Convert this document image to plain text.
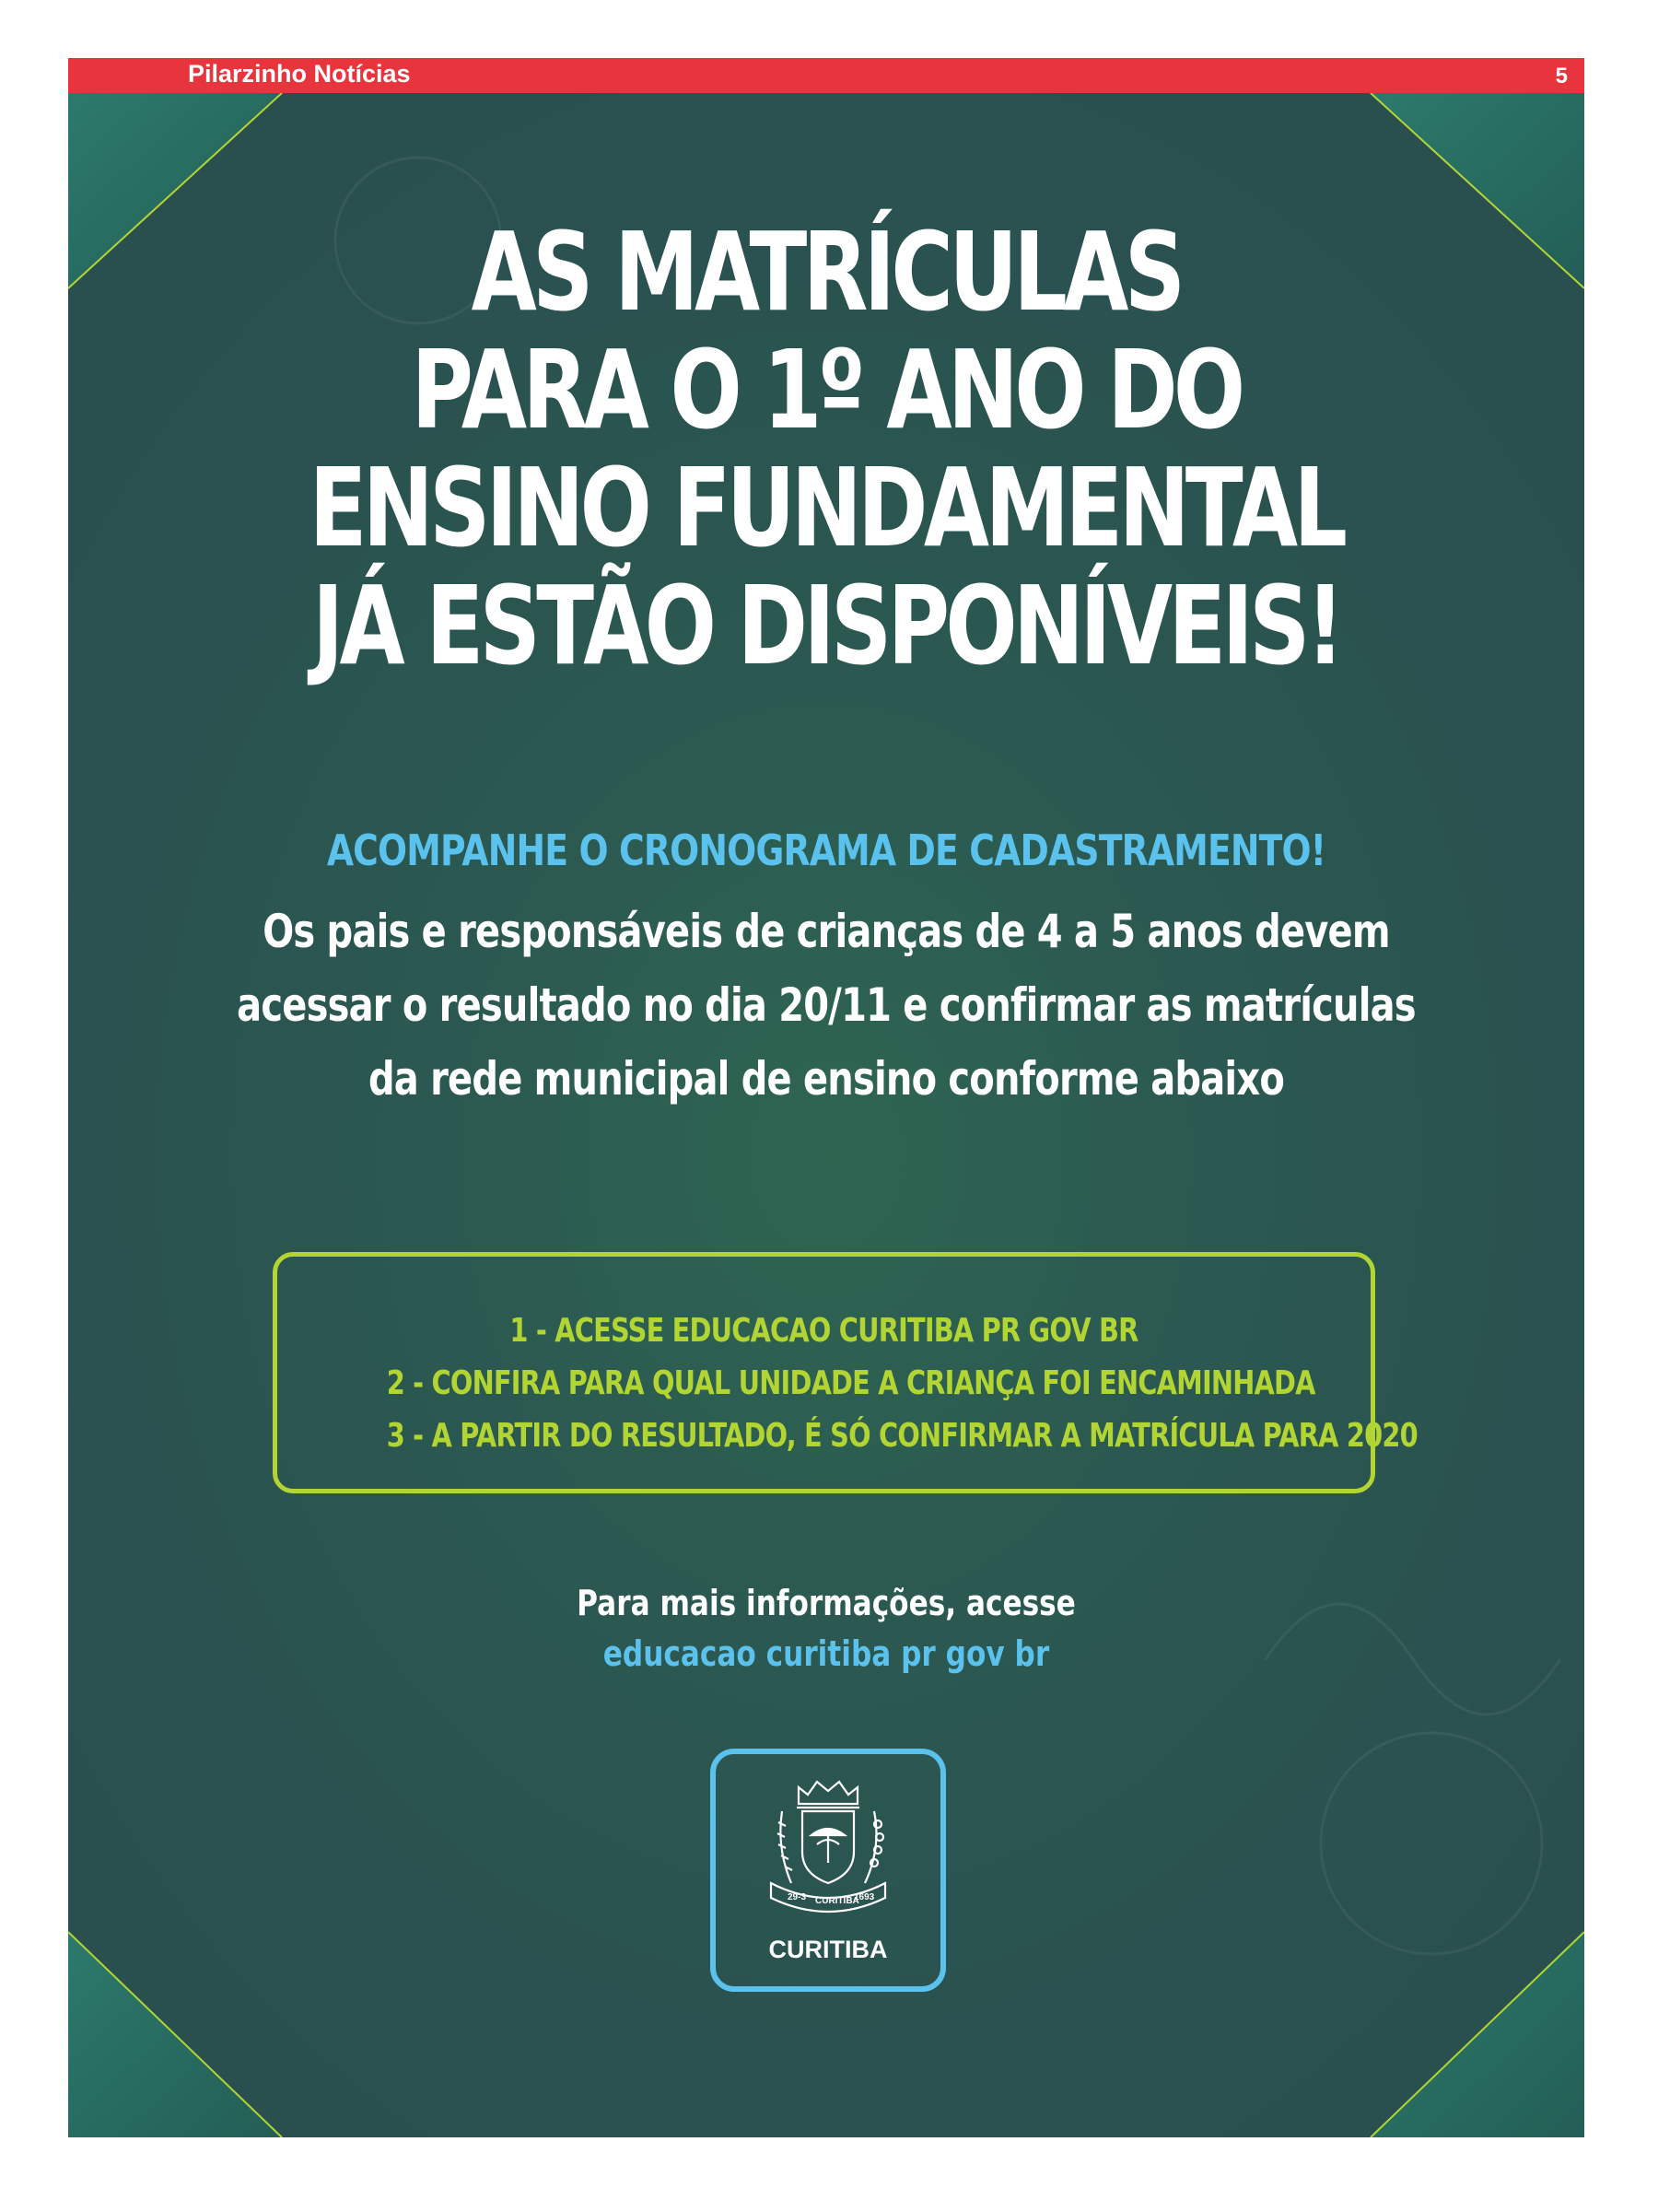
Pilarzinho Notícias	5
AS MATRÍCULAS
PARA O 1º ANO DO
ENSINO FUNDAMENTAL
JÁ ESTÃO DISPONÍVEIS!
ACOMPANHE O CRONOGRAMA DE CADASTRAMENTO!
Os pais e responsáveis de crianças de 4 a 5 anos devem
acessar o resultado no dia 20/11 e confirmar as matrículas
da rede municipal de ensino conforme abaixo
1 - ACESSE EDUCACAO CURITIBA PR GOV BR
2 - CONFIRA PARA QUAL UNIDADE A CRIANÇA FOI ENCAMINHADA
3 - A PARTIR DO RESULTADO, É SÓ CONFIRMAR A MATRÍCULA PARA 2020
Para mais informações, acesse
educacao curitiba pr gov br
29-3 CURITIBA
1693
CURITIBA
